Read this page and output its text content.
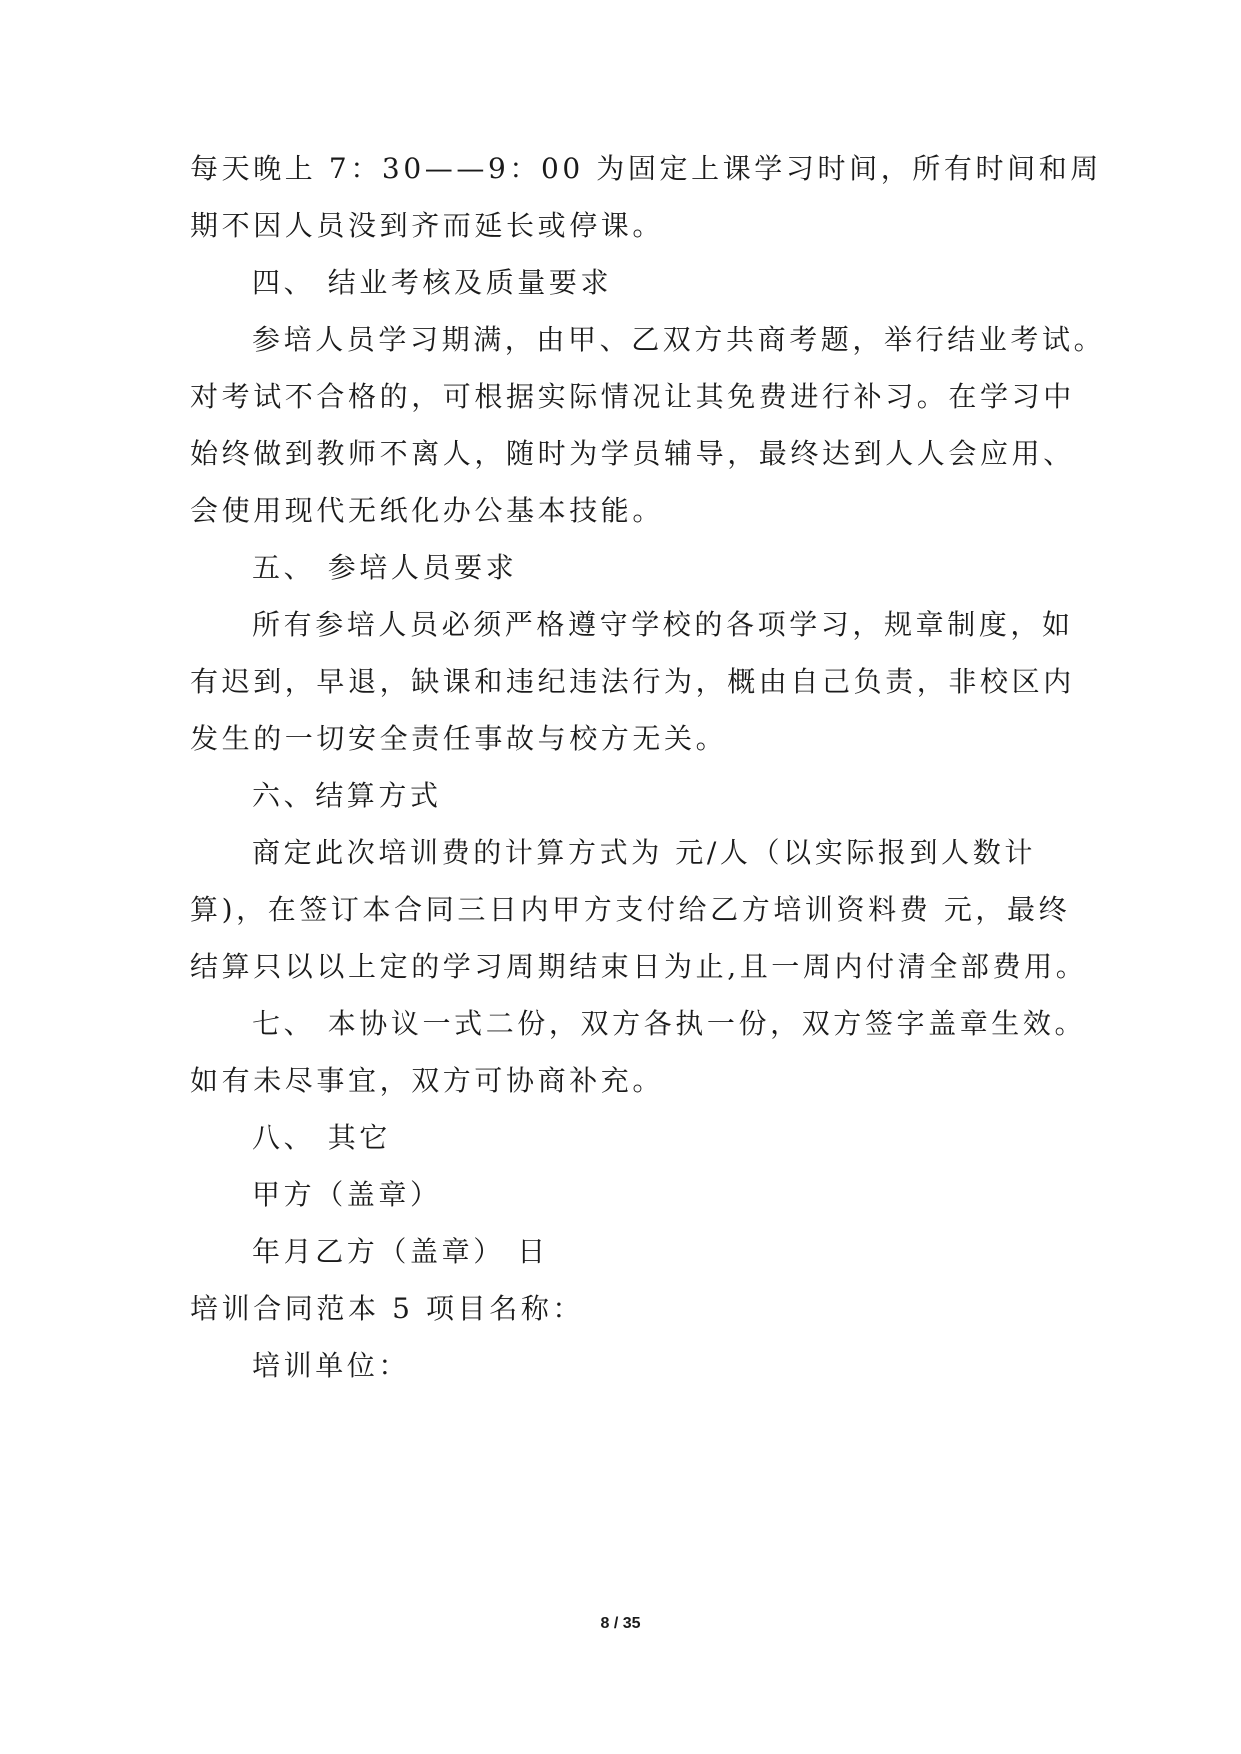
每天晚上 7：30——9：00 为固定上课学习时间，所有时间和周

期不因人员没到齐而延长或停课。

四、 结业考核及质量要求

参培人员学习期满，由甲、乙双方共商考题，举行结业考试。

对考试不合格的，可根据实际情况让其免费进行补习。在学习中

始终做到教师不离人，随时为学员辅导，最终达到人人会应用、

会使用现代无纸化办公基本技能。

五、 参培人员要求

所有参培人员必须严格遵守学校的各项学习，规章制度，如

有迟到，早退，缺课和违纪违法行为，概由自己负责，非校区内

发生的一切安全责任事故与校方无关。

六、结算方式

商定此次培训费的计算方式为 元/人（以实际报到人数计

算)，在签订本合同三日内甲方支付给乙方培训资料费 元，最终

结算只以以上定的学习周期结束日为止,且一周内付清全部费用。

七、 本协议一式二份，双方各执一份，双方签字盖章生效。

如有未尽事宜，双方可协商补充。

八、 其它

甲方（盖章）

年月乙方（盖章） 日

培训合同范本 5 项目名称：

培训单位：

8 / 35
